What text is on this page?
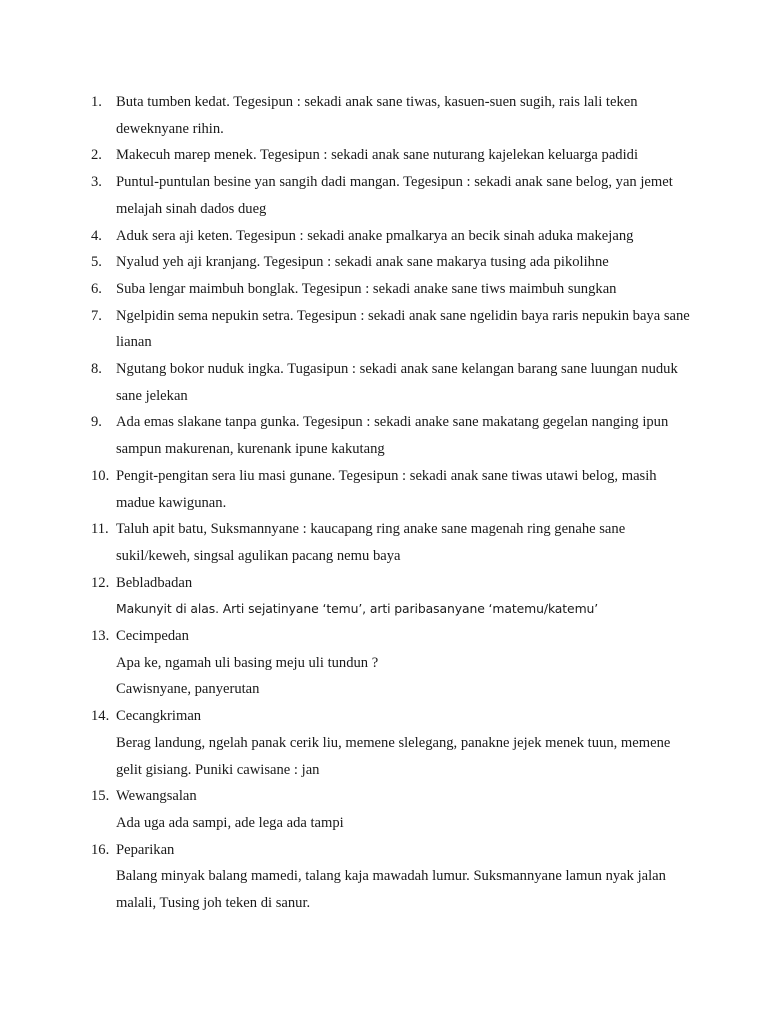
1. Buta tumben kedat. Tegesipun : sekadi anak sane tiwas, kasuen-suen sugih, rais lali teken deweknyane rihin.
2. Makecuh marep menek. Tegesipun : sekadi anak sane nuturang kajelekan keluarga padidi
3. Puntul-puntulan besine yan sangih dadi mangan. Tegesipun : sekadi anak sane belog, yan jemet melajah sinah dados dueg
4. Aduk sera aji keten. Tegesipun : sekadi anake pmalkarya an becik sinah aduka makejang
5. Nyalud yeh aji kranjang. Tegesipun : sekadi anak sane makarya tusing ada pikolihne
6. Suba lengar maimbuh bonglak. Tegesipun : sekadi anake sane tiws maimbuh sungkan
7. Ngelpidin sema nepukin setra. Tegesipun : sekadi anak sane ngelidin baya raris nepukin baya sane lianan
8. Ngutang bokor nuduk ingka. Tugasipun : sekadi anak sane kelangan barang sane luungan nuduk sane jelekan
9. Ada emas slakane tanpa gunka. Tegesipun : sekadi anake sane makatang gegelan nanging ipun sampun makurenan, kurenank ipune kakutang
10. Pengit-pengitan sera liu masi gunane. Tegesipun : sekadi anak sane tiwas utawi belog, masih madue kawigunan.
11. Taluh apit batu, Suksmannyane : kaucapang ring anake sane magenah ring genahe sane sukil/keweh, singsal agulikan pacang nemu baya
12. Bebladbadan
Makunyit di alas. Arti sejatinyane ‘temu’, arti paribasanyane ‘matemu/katemu’
13. Cecimpedan
Apa ke, ngamah uli basing meju uli tundun ?
Cawisnyane, panyerutan
14. Cecangkriman
Berag landung, ngelah panak cerik liu, memene slelegang, panakne jejek menek tuun, memene gelit gisiang. Puniki cawisane : jan
15. Wewangsalan
Ada uga ada sampi, ade lega ada tampi
16. Peparikan
Balang minyak balang mamedi, talang kaja mawadah lumur. Suksmannyane lamun nyak jalan malali, Tusing joh teken di sanur.
